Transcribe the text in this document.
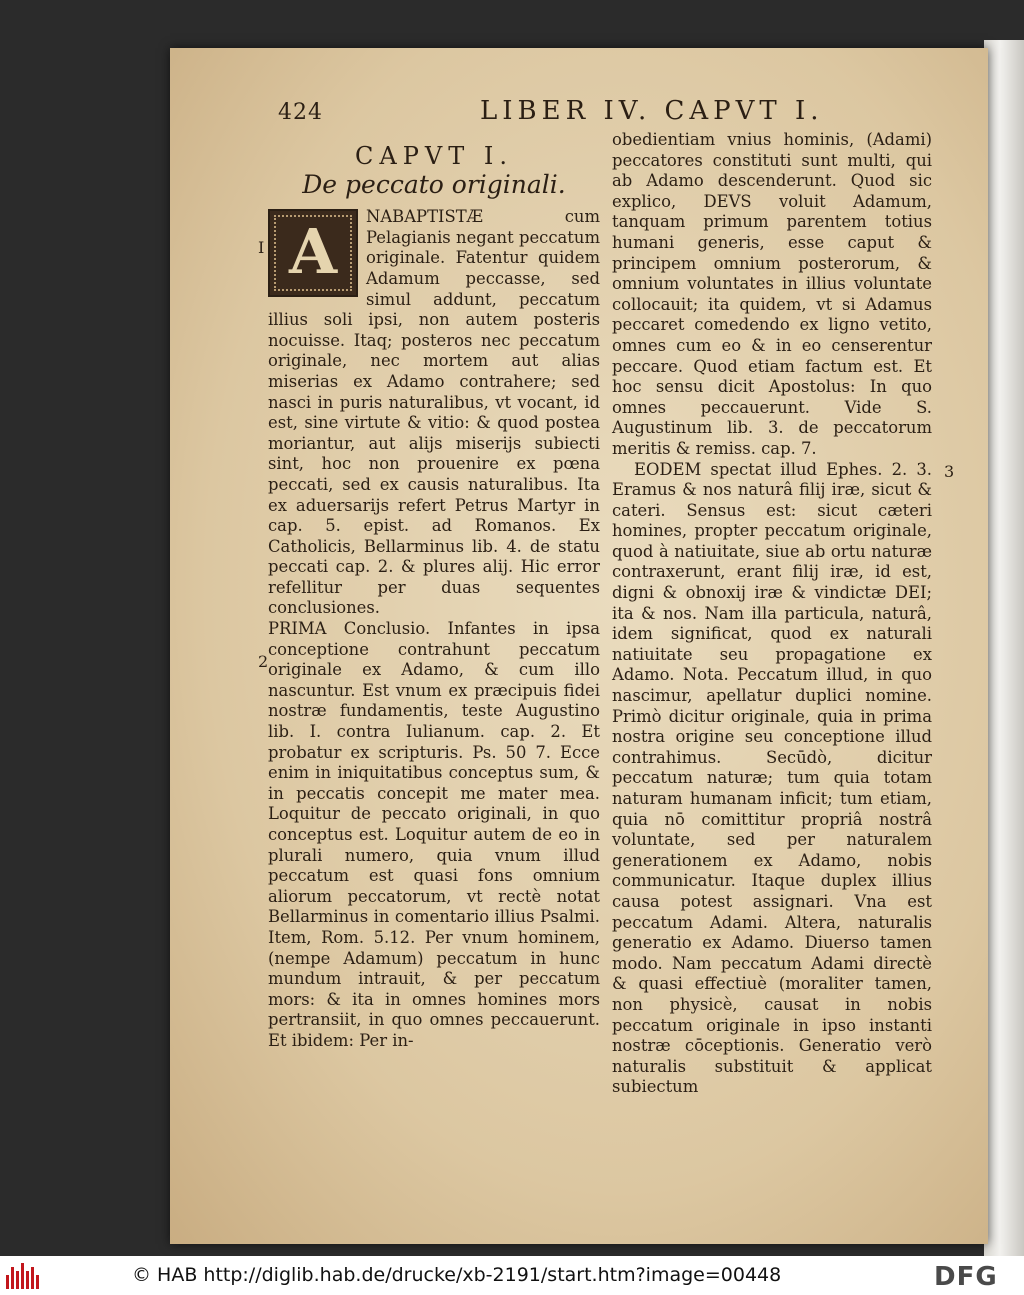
424	LIBER IV. CAPVT I.
CAPVT I.
De peccato originali.
A	NABAPTISTÆ cum Pelagianis negant peccatum originale. Fatentur quidem Adamum peccasse, sed simul addunt, peccatum illius soli ipsi, non autem posteris nocuisse. Itaq; posteros nec peccatum originale, nec mortem aut alias miserias ex Adamo contrahere; sed nasci in puris naturalibus, vt vocant, id est, sine virtute & vitio: & quod postea moriantur, aut alijs miserijs subiecti sint, hoc non prouenire ex pœna peccati, sed ex causis naturalibus. Ita ex aduersarijs refert Petrus Martyr in cap. 5. epist. ad Romanos. Ex Catholicis, Bellarminus lib. 4. de statu peccati cap. 2. & plures alij. Hic error refellitur per duas sequentes conclusiones.

PRIMA Conclusio. Infantes in ipsa conceptione contrahunt peccatum originale ex Adamo, & cum illo nascuntur. Est vnum ex præcipuis fidei nostræ fundamentis, teste Augustino lib. I. contra Iulianum. cap. 2. Et probatur ex scripturis. Ps. 50 7. Ecce enim in iniquitatibus conceptus sum, & in peccatis concepit me mater mea. Loquitur de peccato originali, in quo conceptus est. Loquitur autem de eo in plurali numero, quia vnum illud peccatum est quasi fons omnium aliorum peccatorum, vt rectè notat Bellarminus in comentario illius Psalmi. Item, Rom. 5.12. Per vnum hominem, (nempe Adamum) peccatum in hunc mundum intrauit, & per peccatum mors: & ita in omnes homines mors pertransiit, in quo omnes peccauerunt. Et ibidem: Per in-

I
2

obedientiam vnius hominis, (Adami) peccatores constituti sunt multi, qui ab Adamo descenderunt. Quod sic explico, DEVS voluit Adamum, tanquam primum parentem totius humani generis, esse caput & principem omnium posterorum, & omnium voluntates in illius voluntate collocauit; ita quidem, vt si Adamus peccaret comedendo ex ligno vetito, omnes cum eo & in eo censerentur peccare. Quod etiam factum est. Et hoc sensu dicit Apostolus: In quo omnes peccauerunt. Vide S. Augustinum lib. 3. de peccatorum meritis & remiss. cap. 7.

EODEM spectat illud Ephes. 2. 3. Eramus & nos naturâ filij iræ, sicut & cateri. Sensus est: sicut cæteri homines, propter peccatum originale, quod à natiuitate, siue ab ortu naturæ contraxerunt, erant filij iræ, id est, digni & obnoxij iræ & vindictæ DEI; ita & nos. Nam illa particula, naturâ, idem significat, quod ex naturali natiuitate seu propagatione ex Adamo. Nota. Peccatum illud, in quo nascimur, apellatur duplici nomine. Primò dicitur originale, quia in prima nostra origine seu conceptione illud contrahimus. Secūdò, dicitur peccatum naturæ; tum quia totam naturam humanam inficit; tum etiam, quia nō comittitur propriâ nostrâ voluntate, sed per naturalem generationem ex Adamo, nobis communicatur. Itaque duplex illius causa potest assignari. Vna est peccatum Adami. Altera, naturalis generatio ex Adamo. Diuerso tamen modo. Nam peccatum Adami directè & quasi effectiuè (moraliter tamen, non physicè, causat in nobis peccatum originale in ipso instanti nostræ cōceptionis. Generatio verò naturalis substituit & applicat subiectum

3
© HAB http://diglib.hab.de/drucke/xb-2191/start.htm?image=00448	DFG
